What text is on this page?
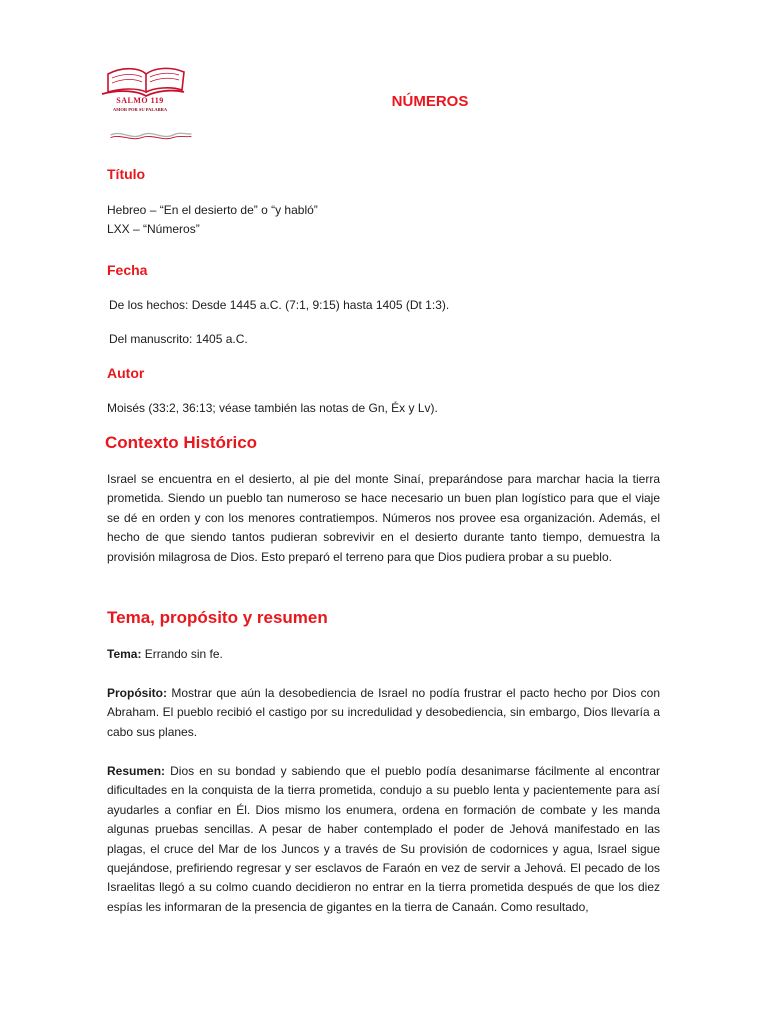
SALMO 119
AMOR POR SU PALABRA	NÚMEROS
Título

Hebreo – “En el desierto de” o “y habló”

LXX – “Números”

Fecha

De los hechos: Desde 1445 a.C. (7:1, 9:15) hasta 1405 (Dt 1:3).

Del manuscrito: 1405 a.C.

Autor

Moisés (33:2, 36:13; véase también las notas de Gn, Éx y Lv).

Contexto Histórico

Israel se encuentra en el desierto, al pie del monte Sinaí, preparándose para marchar hacia la tierra prometida. Siendo un pueblo tan numeroso se hace necesario un buen plan logístico para que el viaje se dé en orden y con los menores contratiempos. Números nos provee esa organización. Además, el hecho de que siendo tantos pudieran sobrevivir en el desierto durante tanto tiempo, demuestra la provisión milagrosa de Dios. Esto preparó el terreno para que Dios pudiera probar a su pueblo.

Tema, propósito y resumen

Tema: Errando sin fe.

Propósito: Mostrar que aún la desobediencia de Israel no podía frustrar el pacto hecho por Dios con Abraham. El pueblo recibió el castigo por su incredulidad y desobediencia, sin embargo, Dios llevaría a cabo sus planes.

Resumen: Dios en su bondad y sabiendo que el pueblo podía desanimarse fácilmente al encontrar dificultades en la conquista de la tierra prometida, condujo a su pueblo lenta y pacientemente para así ayudarles a confiar en Él. Dios mismo los enumera, ordena en formación de combate y les manda algunas pruebas sencillas. A pesar de haber contemplado el poder de Jehová manifestado en las plagas, el cruce del Mar de los Juncos y a través de Su provisión de codornices y agua, Israel sigue quejándose, prefiriendo regresar y ser esclavos de Faraón en vez de servir a Jehová. El pecado de los Israelitas llegó a su colmo cuando decidieron no entrar en la tierra prometida después de que los diez espías les informaran de la presencia de gigantes en la tierra de Canaán. Como resultado,
